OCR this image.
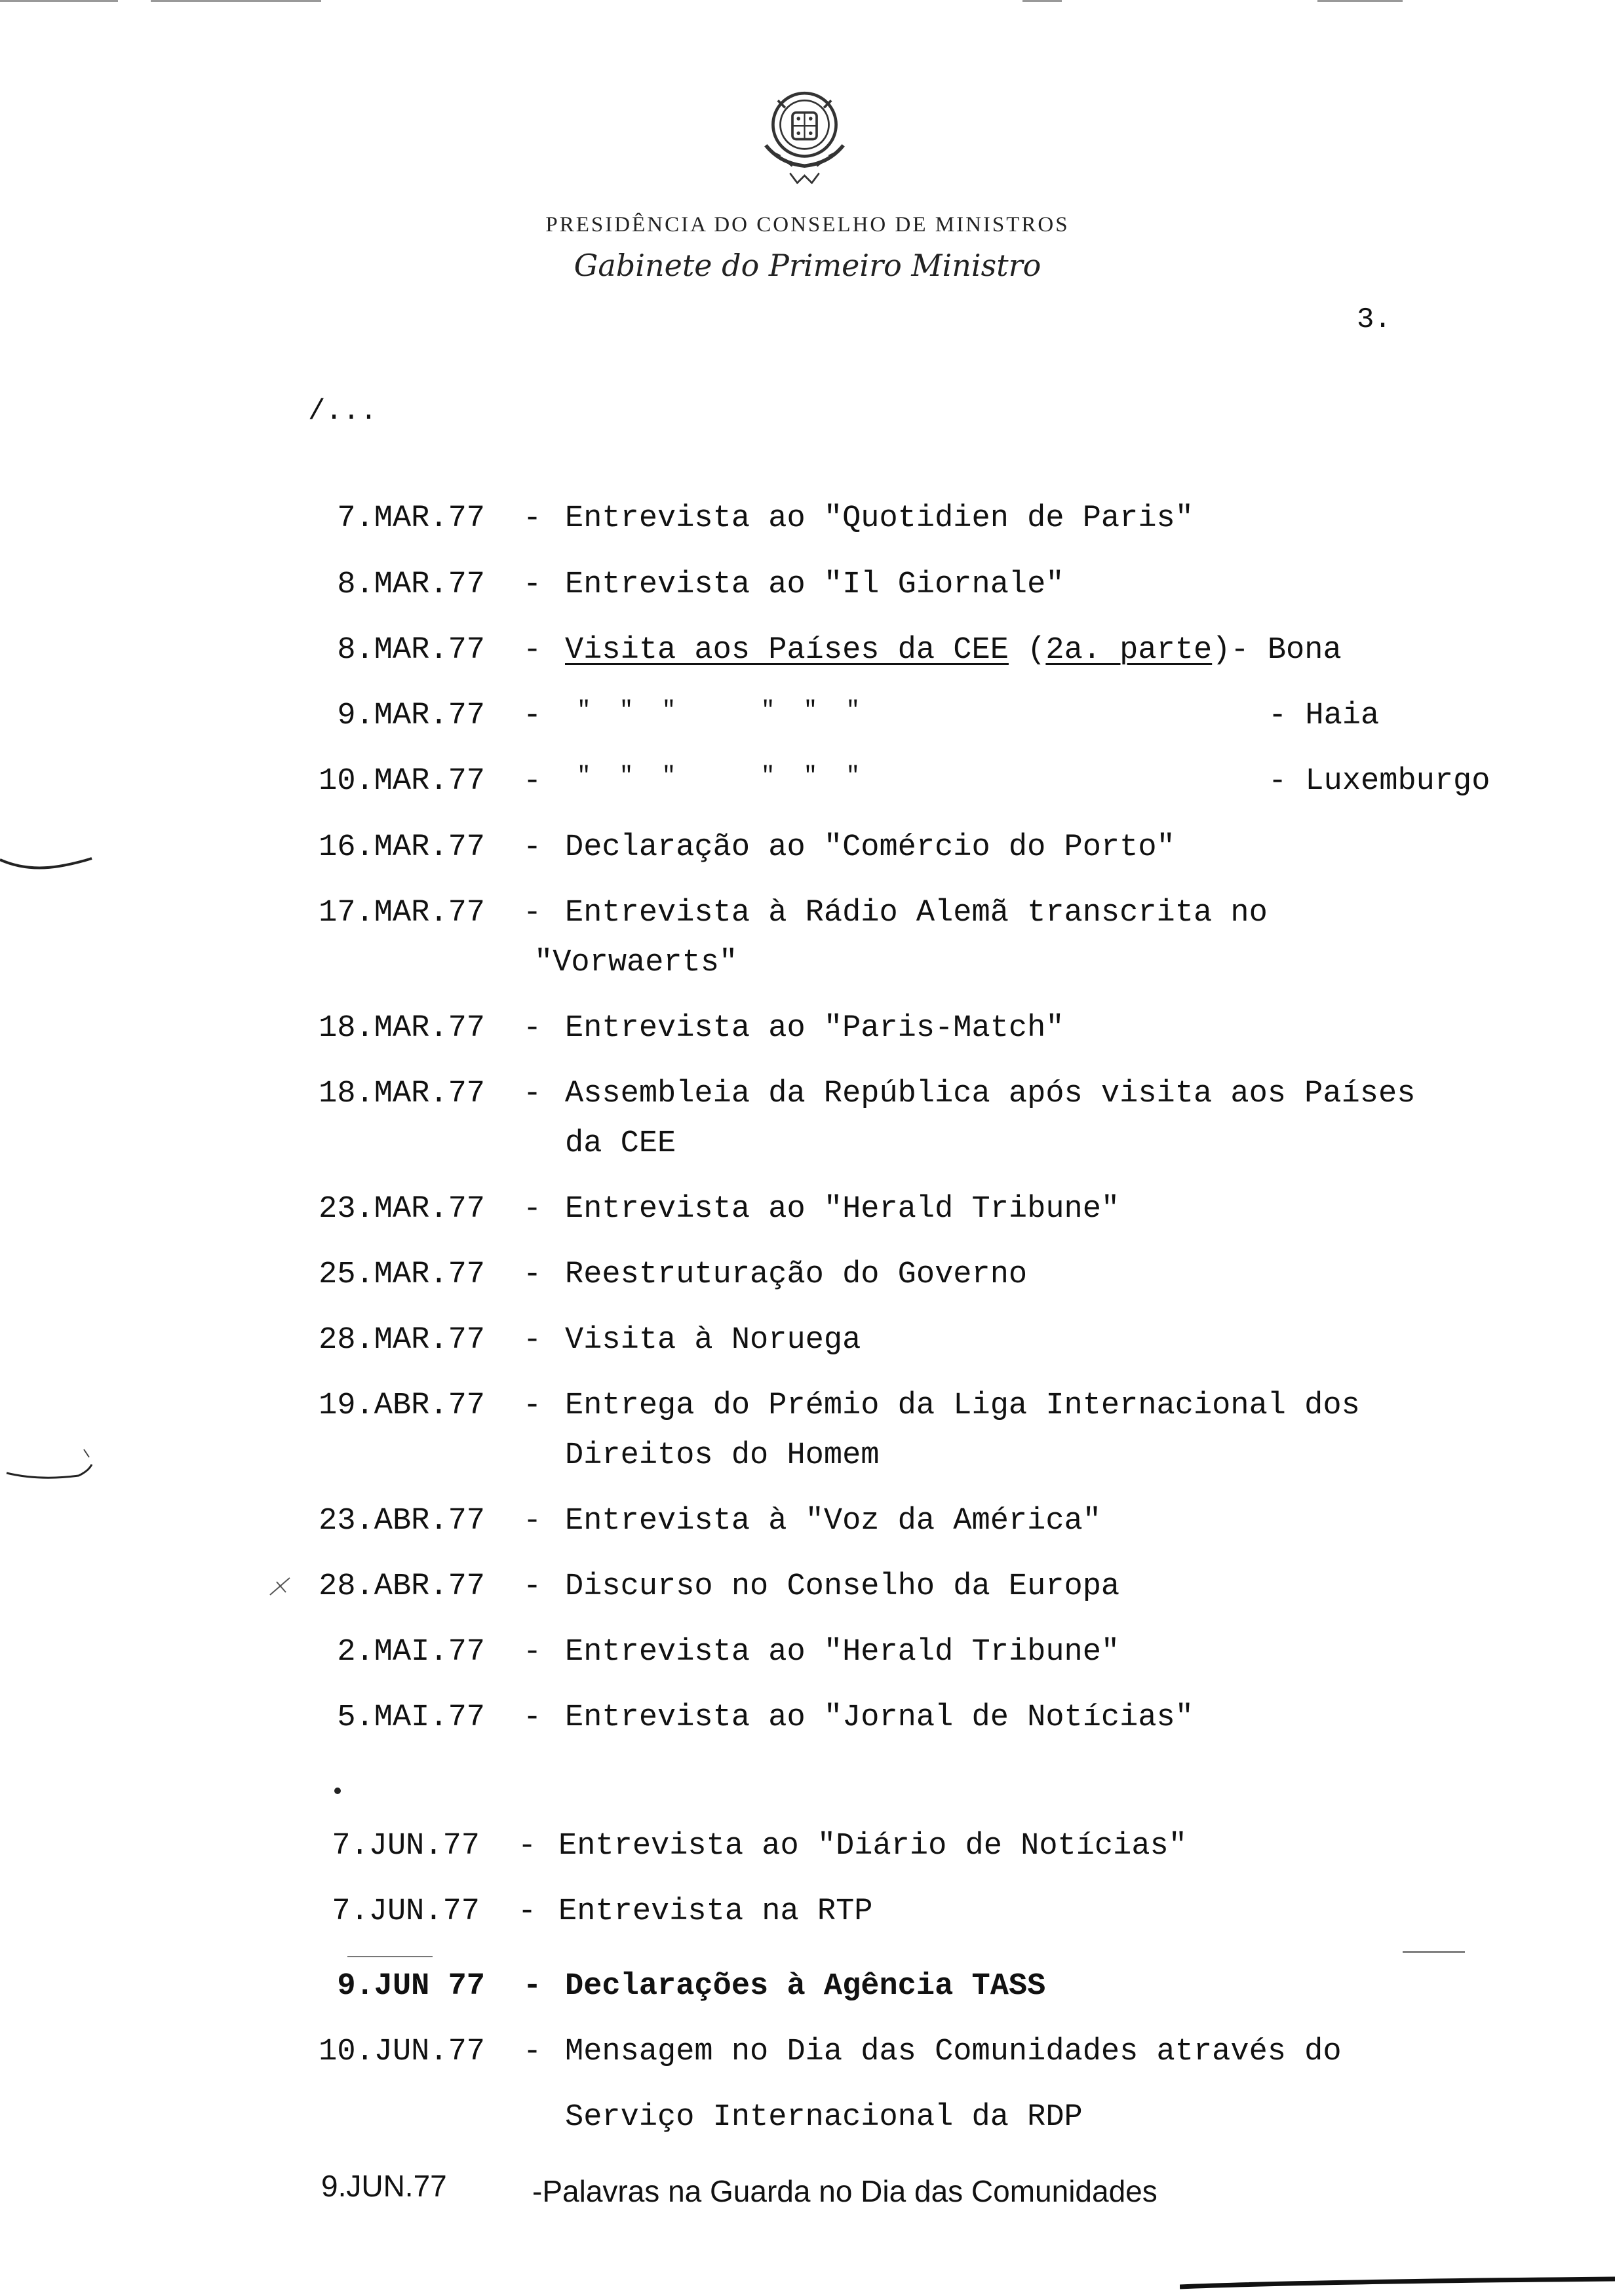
PRESIDÊNCIA DO CONSELHO DE MINISTROS
Gabinete do Primeiro Ministro
3.
/...
7.MAR.77 - Entrevista ao "Quotidien de Paris"
8.MAR.77 - Entrevista ao "Il Giornale"
8.MAR.77 - Visita aos Países da CEE (2a. parte)- Bona
9.MAR.77 - "  "  "      "  "  "	- Haia
10.MAR.77 - "  "  "      "  "  "	- Luxemburgo
16.MAR.77 - Declaração ao "Comércio do Porto"
17.MAR.77 - Entrevista à Rádio Alemã transcrita no
"Vorwaerts"
18.MAR.77 - Entrevista ao "Paris-Match"
18.MAR.77 - Assembleia da República após visita aos Países
da CEE
23.MAR.77 - Entrevista ao "Herald Tribune"
25.MAR.77 - Reestruturação do Governo
28.MAR.77 - Visita à Noruega
19.ABR.77 - Entrega do Prémio da Liga Internacional dos
Direitos do Homem
23.ABR.77 - Entrevista à "Voz da América"
28.ABR.77 - Discurso no Conselho da Europa
2.MAI.77 - Entrevista ao "Herald Tribune"
5.MAI.77 - Entrevista ao "Jornal de Notícias"
7.JUN.77 - Entrevista ao "Diário de Notícias"
7.JUN.77 - Entrevista na RTP
9.JUN 77 - Declarações à Agência TASS
10.JUN.77 - Mensagem no Dia das Comunidades através do
Serviço Internacional da RDP
9.JUN.77	-Palavras na Guarda no Dia das Comunidades
